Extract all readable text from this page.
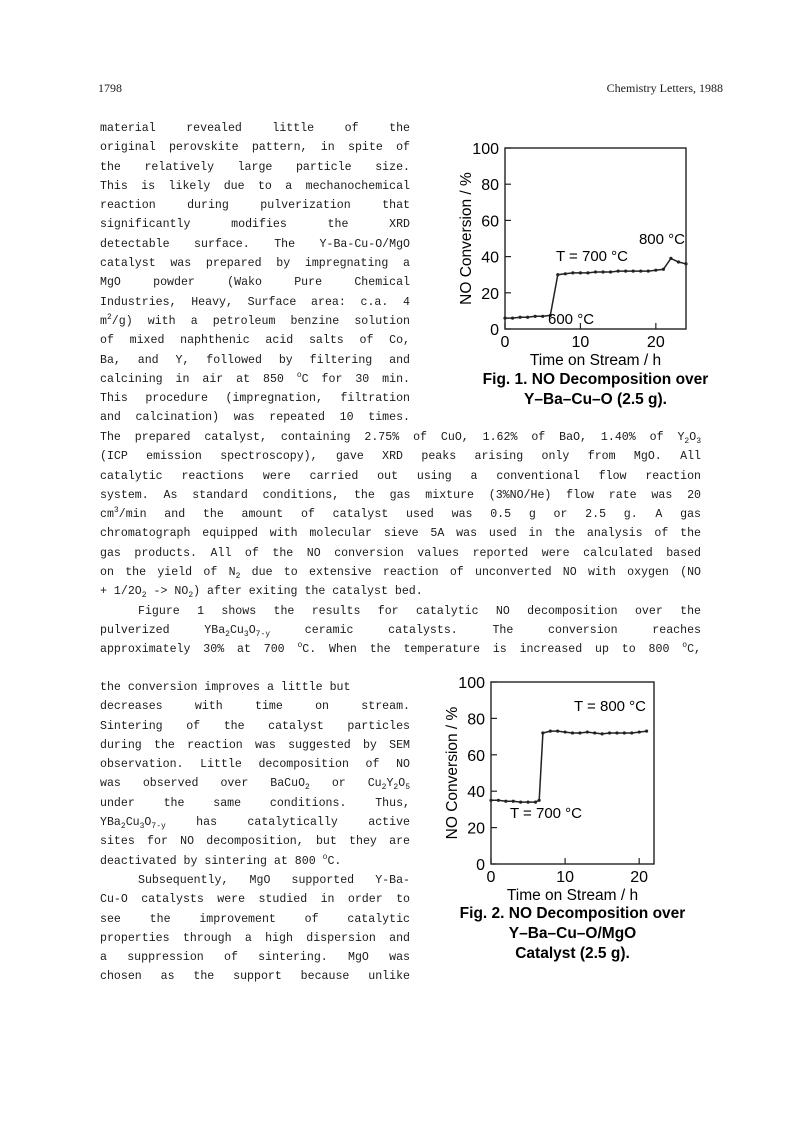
1798	Chemistry Letters, 1988
material revealed little of the
original perovskite pattern, in spite of
the relatively large particle size.
This is likely due to a mechanochemical
reaction during pulverization that
significantly modifies the XRD
detectable surface. The Y-Ba-Cu-O/MgO
catalyst was prepared by impregnating a
MgO powder (Wako Pure Chemical
Industries, Heavy, Surface area: c.a. 4
$m^2/g$) with a petroleum benzine solution
of mixed naphthenic acid salts of Co,
Ba, and Y, followed by filtering and
calcining in air at 850 $^o$C for 30 min.
This procedure (impregnation, filtration
and calcination) was repeated 10 times.
The prepared catalyst, containing 2.75% of CuO, 1.62% of BaO, 1.40% of $Y_2O_3$
(ICP emission spectroscopy), gave XRD peaks arising only from MgO. All
catalytic reactions were carried out using a conventional flow reaction
system. As standard conditions, the gas mixture (3%NO/He) flow rate was 20
$cm^3/\min$ and the amount of catalyst used was 0.5 g or 2.5 g. A gas
chromatograph equipped with molecular sieve 5A was used in the analysis of the
gas products. All of the NO conversion values reported were calculated based
on the yield of $N_2$ due to extensive reaction of unconverted NO with oxygen (NO
+ $1/2O_2 -> NO_2$) after exiting the catalyst bed.
Figure 1 shows the results for catalytic NO decomposition over the
pulverized $YBa_2Cu_3O_{7-y}$ ceramic catalysts. The conversion reaches
approximately 30% at 700 $^o$C. When the temperature is increased up to 800 $^o$C,
the conversion improves a little but
decreases with time on stream.
Sintering of the catalyst particles
during the reaction was suggested by SEM
observation. Little decomposition of NO
was observed over BaCuO$_2$ or $Cu_2Y_2O_5$
under the same conditions. Thus,
$YBa_2Cu_3O_{7-y}$ has catalytically active
sites for NO decomposition, but they are
deactivated by sintering at 800 $^o$C.
Subsequently, MgO supported Y-Ba-
Cu-O catalysts were studied in order to
see the improvement of catalytic
properties through a high dispersion and
a suppression of sintering. MgO was
chosen as the support because unlike
0
20
40
60
80
100
0	10	20
Time on Stream / h
NO Conversion / %
600 °C
T = 700 °C
800 °C
Fig. 1. NO Decomposition over
Y–Ba–Cu–O (2.5 g).
0
20
40
60
80
100
0	10	20
Time on Stream / h
NO Conversion / %
T = 800 °C
T = 700 °C
Fig. 2. NO Decomposition over
Y–Ba–Cu–O/MgO
Catalyst (2.5 g).
